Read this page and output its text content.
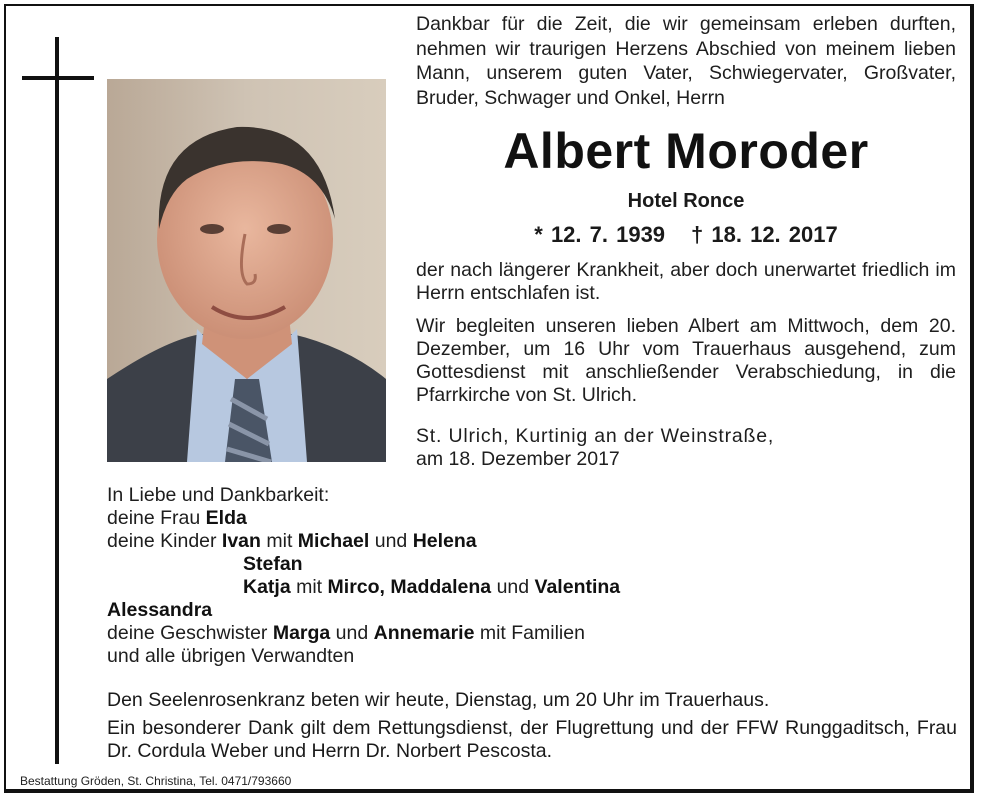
Dankbar für die Zeit, die wir gemeinsam erleben durften, nehmen wir traurigen Herzens Abschied von meinem lieben Mann, unserem guten Vater, Schwiegervater, Großvater, Bruder, Schwager und Onkel, Herrn
Albert Moroder
Hotel Ronce
* 12. 7. 1939 † 18. 12. 2017
der nach längerer Krankheit, aber doch unerwartet friedlich im Herrn entschlafen ist.
Wir begleiten unseren lieben Albert am Mittwoch, dem 20. Dezember, um 16 Uhr vom Trauerhaus ausgehend, zum Gottesdienst mit anschließender Verabschiedung, in die Pfarrkirche von St. Ulrich.
St. Ulrich, Kurtinig an der Weinstraße,
am 18. Dezember 2017
In Liebe und Dankbarkeit:
deine Frau Elda
deine Kinder Ivan mit Michael und Helena
Stefan
Katja mit Mirco, Maddalena und Valentina
Alessandra
deine Geschwister Marga und Annemarie mit Familien
und alle übrigen Verwandten
Den Seelenrosenkranz beten wir heute, Dienstag, um 20 Uhr im Trauerhaus.
Ein besonderer Dank gilt dem Rettungsdienst, der Flugrettung und der FFW Runggaditsch, Frau Dr. Cordula Weber und Herrn Dr. Norbert Pescosta.
Bestattung Gröden, St. Christina, Tel. 0471/793660
